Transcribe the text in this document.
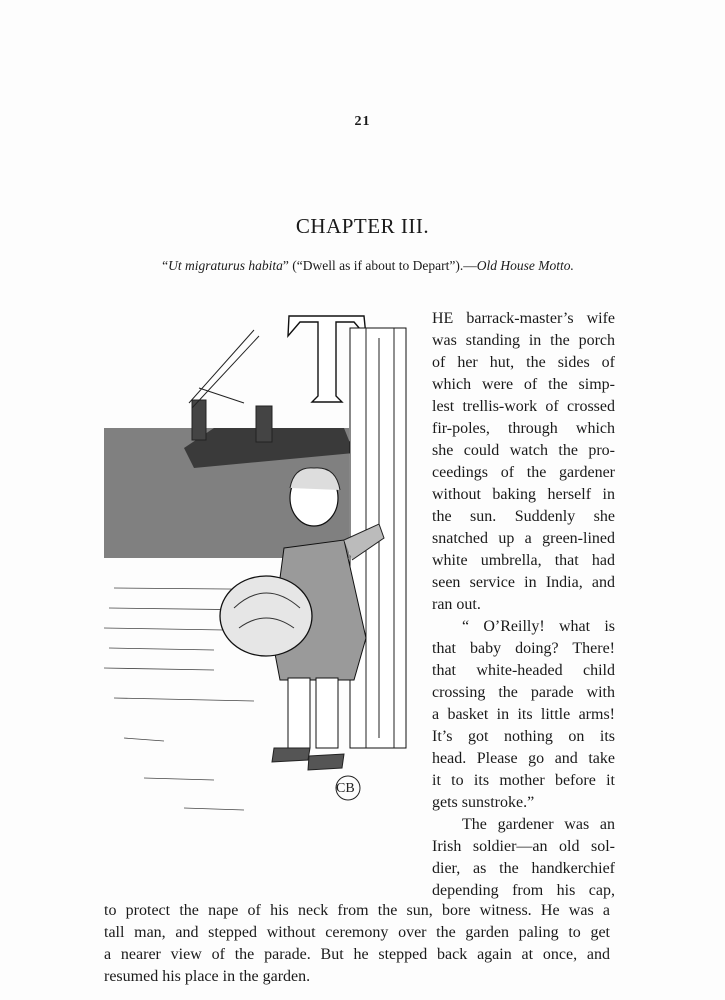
21
CHAPTER III.
“Ut migraturus habita” (“Dwell as if about to Depart”).—Old House Motto.
CB
HE barrack-master’s wife
was standing in the porch
of her hut, the sides of
which were of the simp-
lest trellis-work of crossed
fir-poles, through which
she could watch the pro-
ceedings of the gardener
without baking herself in
the sun. Suddenly she
snatched up a green-lined
white umbrella, that had
seen service in India, and
ran out.
“ O’Reilly! what is
that baby doing? There!
that white-headed child
crossing the parade with
a basket in its little arms!
It’s got nothing on its
head. Please go and take
it to its mother before it
gets sunstroke.”
The gardener was an
Irish soldier—an old sol-
dier, as the handkerchief
depending from his cap,
to protect the nape of his neck from the sun, bore witness. He was a
tall man, and stepped without ceremony over the garden paling to get
a nearer view of the parade. But he stepped back again at once, and
resumed his place in the garden.
